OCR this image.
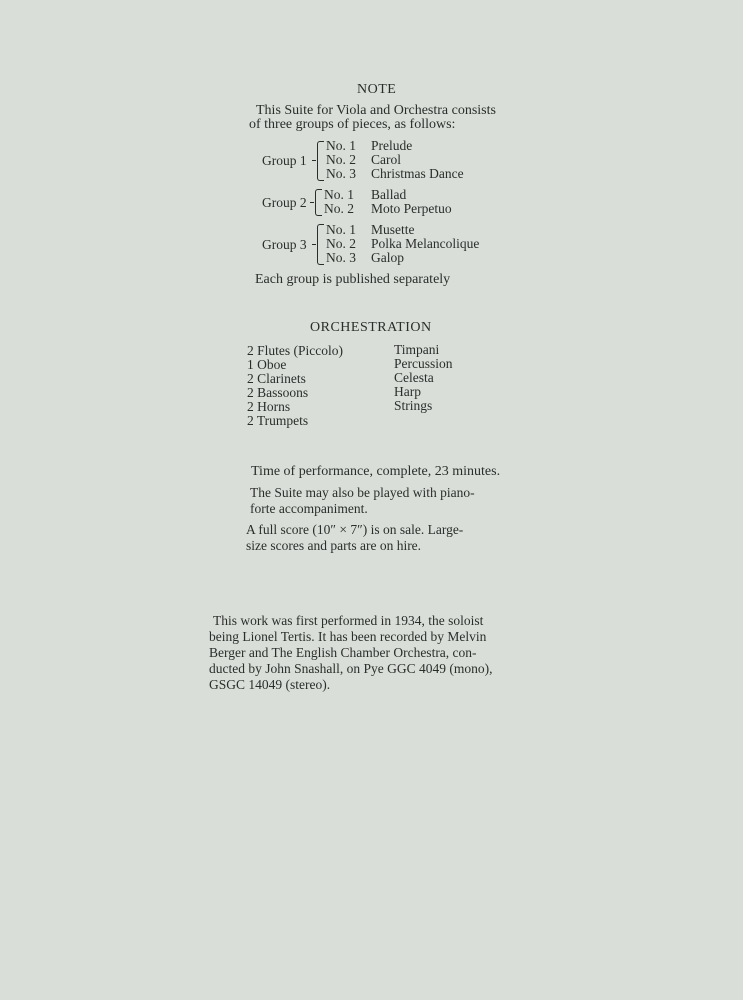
NOTE
This Suite for Viola and Orchestra consists
of three groups of pieces, as follows:
Group 1
No. 1 Prelude
No. 2 Carol
No. 3 Christmas Dance
Group 2
No. 1 Ballad
No. 2 Moto Perpetuo
Group 3
No. 1 Musette
No. 2 Polka Melancolique
No. 3 Galop
Each group is published separately
ORCHESTRATION
2 Flutes (Piccolo)
1 Oboe
2 Clarinets
2 Bassoons
2 Horns
2 Trumpets
Timpani
Percussion
Celesta
Harp
Strings
Time of performance, complete, 23 minutes.
The Suite may also be played with piano-
forte accompaniment.
A full score (10″ × 7″) is on sale. Large-
size scores and parts are on hire.
This work was first performed in 1934, the soloist
being Lionel Tertis. It has been recorded by Melvin
Berger and The English Chamber Orchestra, con-
ducted by John Snashall, on Pye GGC 4049 (mono),
GSGC 14049 (stereo).
